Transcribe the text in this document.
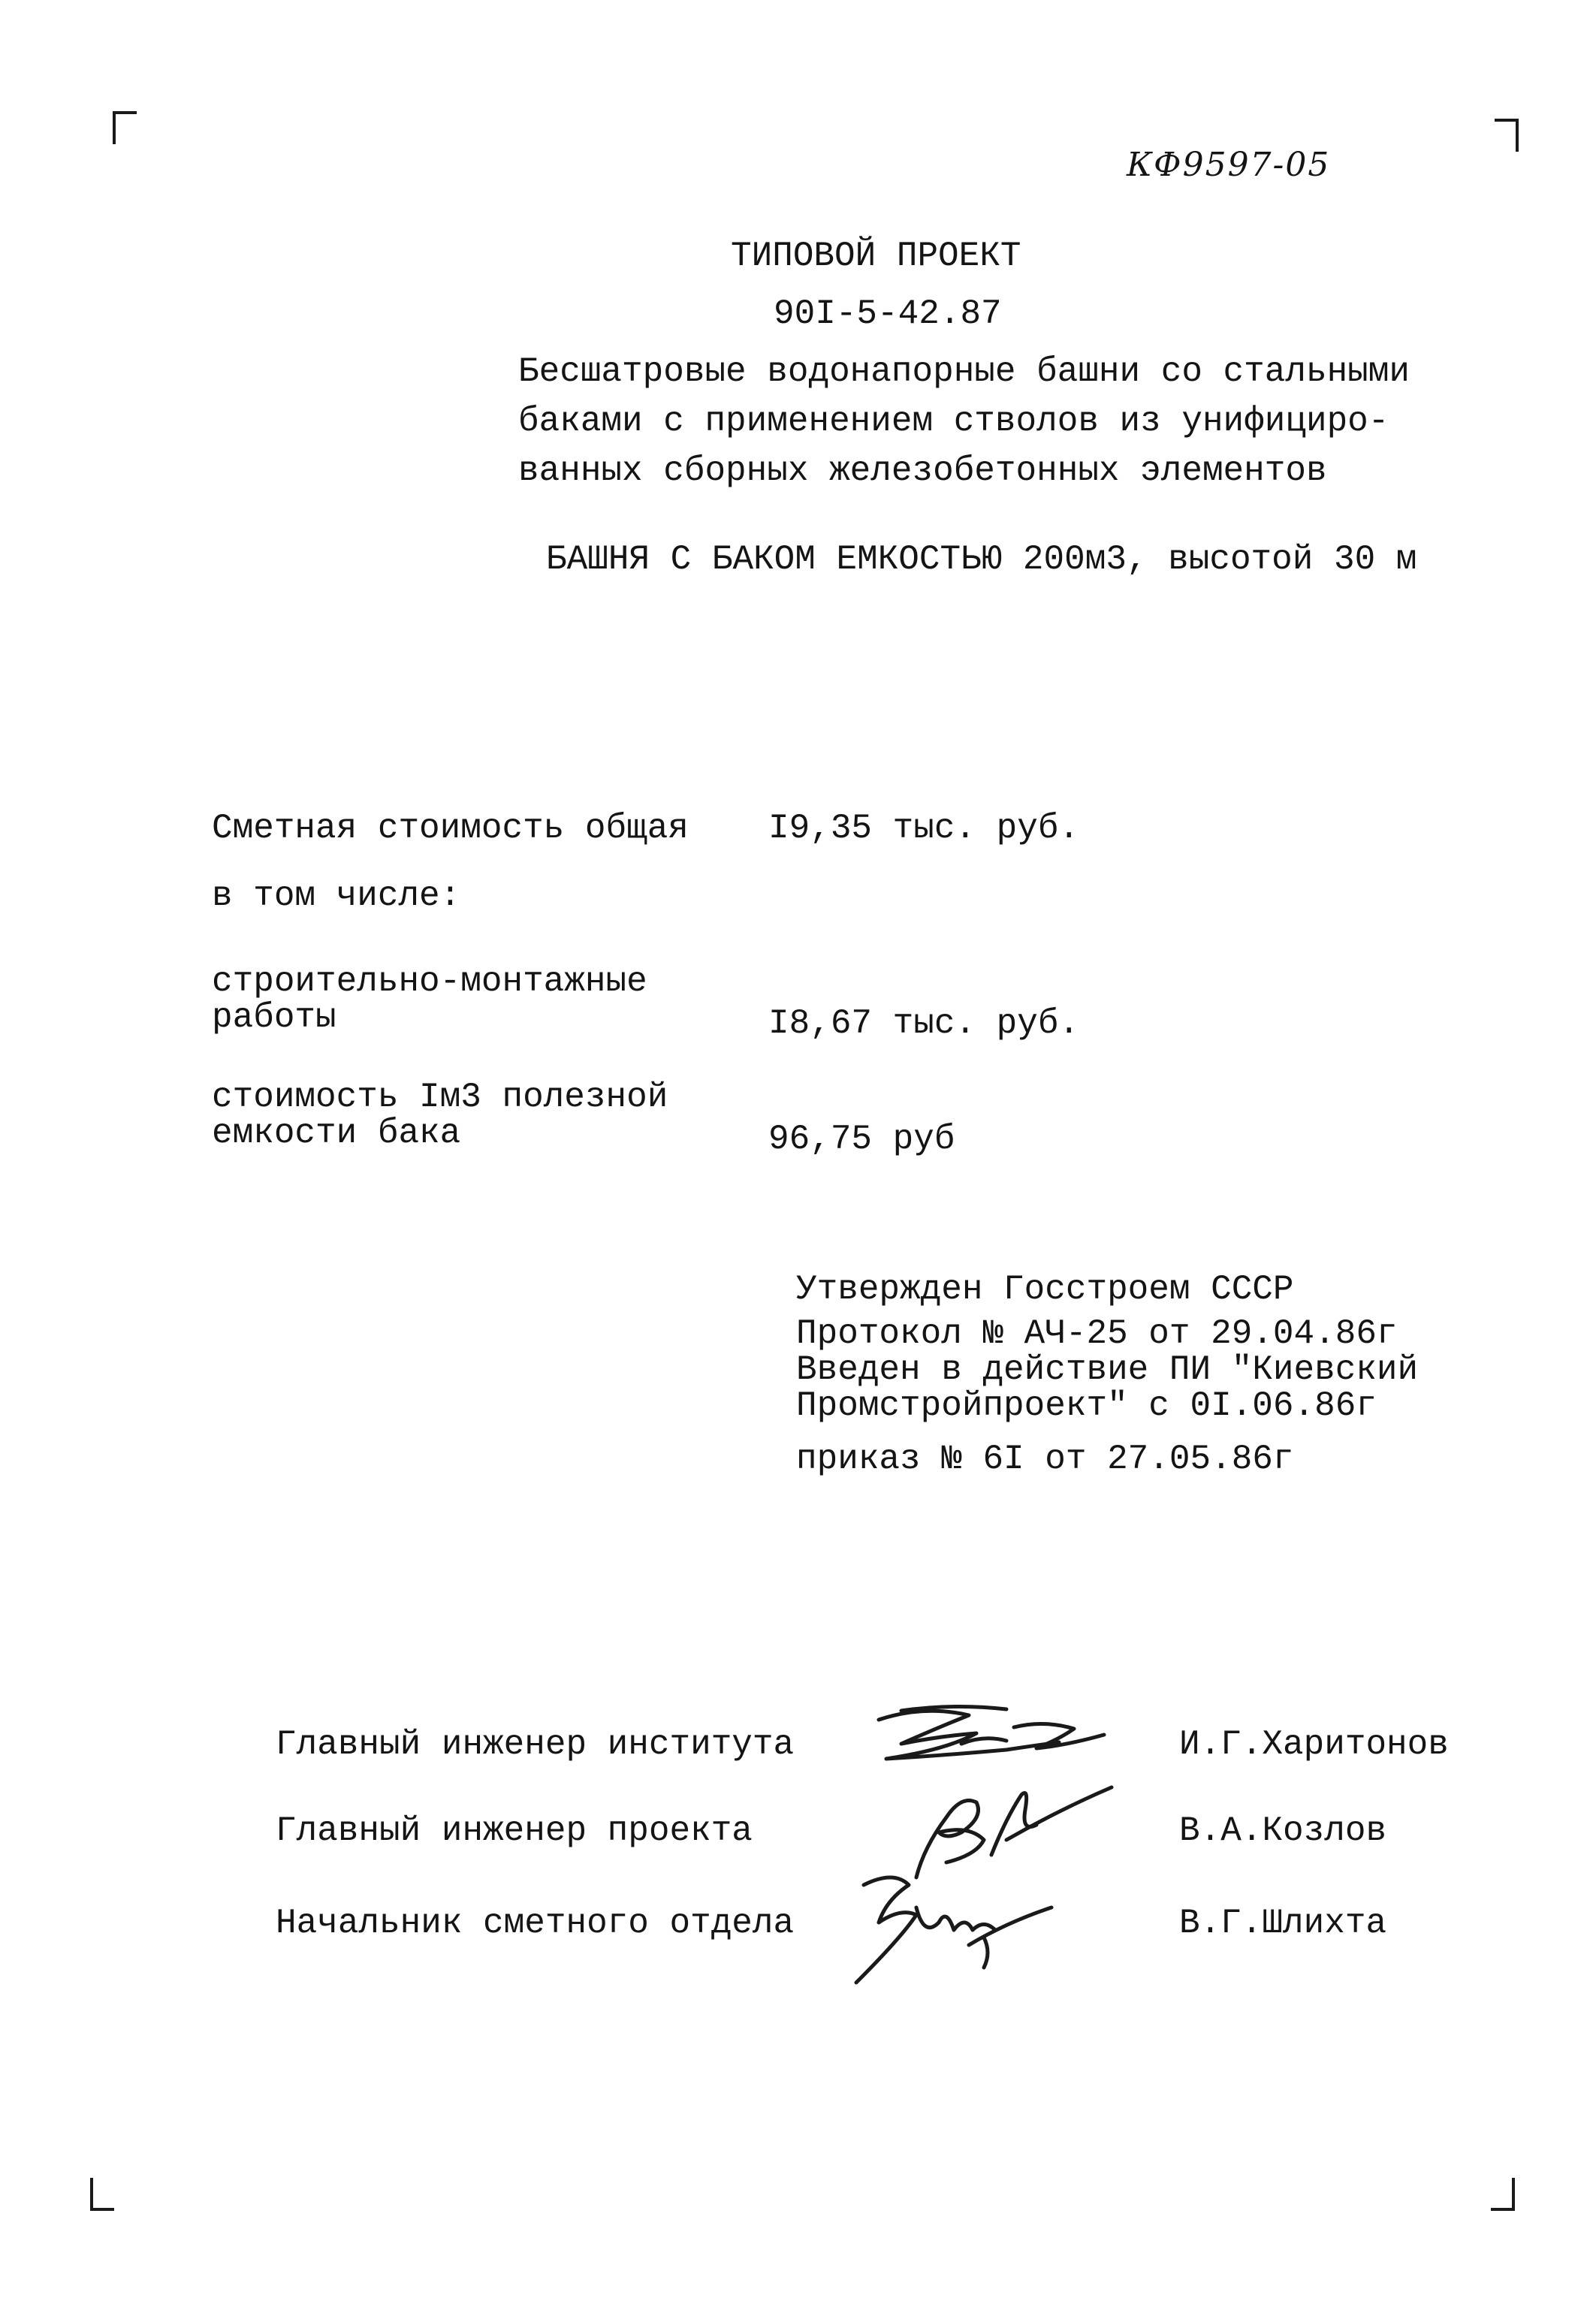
КФ9597-05
ТИПОВОЙ ПРОЕКТ
90I-5-42.87
Бесшатровые водонапорные башни со стальными
баками с применением стволов из унифициро-
ванных сборных железобетонных элементов
БАШНЯ С БАКОМ ЕМКОСТЬЮ 200м3, высотой 30 м
Сметная стоимость общая I9,35 тыс. руб.
в том числе:
строительно-монтажные
работы	I8,67 тыс. руб.
стоимость Iм3 полезной
емкости бака	96,75 руб
Утвержден Госстроем СССР
Протокол № АЧ-25 от 29.04.86г
Введен в действие ПИ "Киевский
Промстройпроект" с 0I.06.86г
приказ № 6I от 27.05.86г
Главный инженер института	И.Г.Харитонов
Главный инженер проекта	В.А.Козлов
Начальник сметного отдела	В.Г.Шлихта
